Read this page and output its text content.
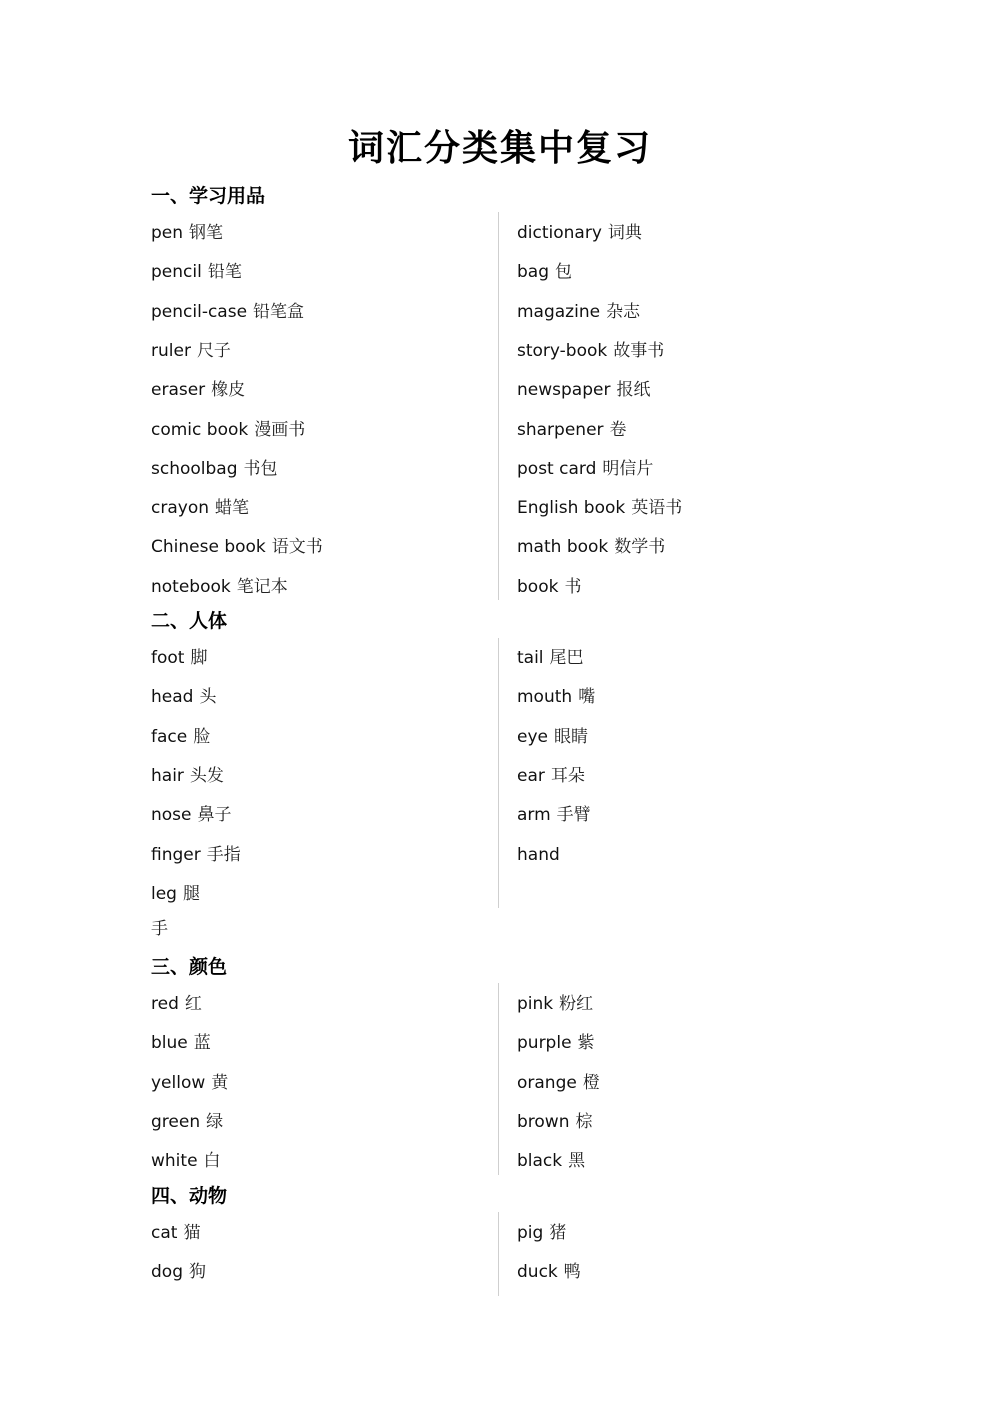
词汇分类集中复习
一、学习用品
pen 钢笔
pencil 铅笔
pencil-case 铅笔盒
ruler 尺子
eraser 橡皮
comic book 漫画书
schoolbag 书包
crayon 蜡笔
Chinese book 语文书
notebook 笔记本
dictionary 词典
bag 包
magazine 杂志
story-book 故事书
newspaper 报纸
sharpener 卷
post card 明信片
English book 英语书
math book 数学书
book 书
二、人体
foot 脚
head 头
face 脸
hair 头发
nose 鼻子
finger 手指
leg 腿
tail 尾巴
mouth 嘴
eye 眼睛
ear 耳朵
arm 手臂
hand
手
三、颜色
red 红
blue 蓝
yellow 黄
green 绿
white 白
pink 粉红
purple 紫
orange 橙
brown 棕
black 黑
四、动物
cat 猫
dog 狗
pig 猪
duck 鸭
